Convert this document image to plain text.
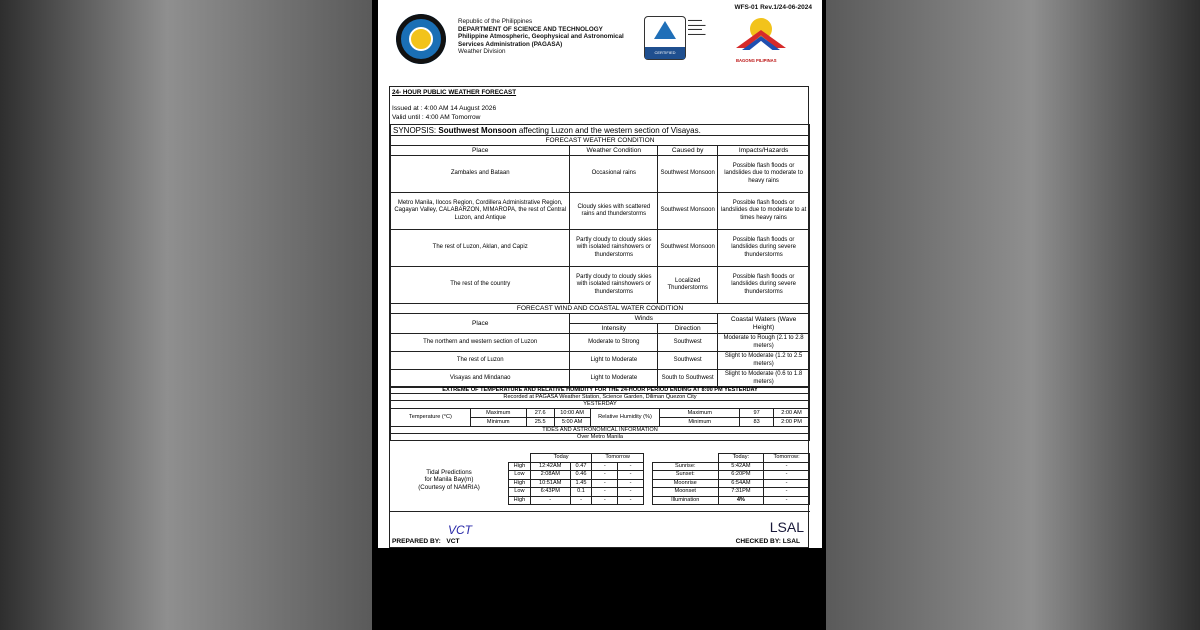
WFS-01 Rev.1/24-06-2024
Republic of the Philippines
DEPARTMENT OF SCIENCE AND TECHNOLOGY
Philippine Atmospheric, Geophysical and Astronomical
Services Administration (PAGASA)
Weather Division	CERTIFIED
▬▬▬▬
▬▬▬▬▬
▬▬▬▬
▬▬▬▬▬
BAGONG PILIPINAS
24- HOUR PUBLIC WEATHER FORECAST
Issued at : 4:00 AM 14 August 2026
Valid until : 4:00 AM Tomorrow
SYNOPSIS: Southwest Monsoon affecting Luzon and the western section of Visayas.			
FORECAST WEATHER CONDITION			
Place	Weather Condition	Caused by	Impacts/Hazards
Zambales and Bataan	Occasional rains	Southwest Monsoon	Possible flash floods or landslides due to moderate to heavy rains
Metro Manila, Ilocos Region, Cordillera Administrative Region, Cagayan Valley, CALABARZON, MIMAROPA, the rest of Central Luzon, and Antique	Cloudy skies with scattered rains and thunderstorms	Southwest Monsoon	Possible flash floods or landslides due to moderate to at times heavy rains
The rest of Luzon, Aklan, and Capiz	Partly cloudy to cloudy skies with isolated rainshowers or thunderstorms	Southwest Monsoon	Possible flash floods or landslides during severe thunderstorms
The rest of the country	Partly cloudy to cloudy skies with isolated rainshowers or thunderstorms	Localized Thunderstorms	Possible flash floods or landslides during severe thunderstorms
FORECAST WIND AND COASTAL WATER CONDITION			
Place	Winds		Coastal Waters (Wave Height)
	Intensity	Direction	
The northern and western section of Luzon	Moderate to Strong	Southwest	Moderate to Rough (2.1 to 2.8 meters)
The rest of Luzon	Light to Moderate	Southwest	Slight to Moderate (1.2 to 2.5 meters)
Visayas and Mindanao	Light to Moderate	South to Southwest	Slight to Moderate (0.6 to 1.8 meters)
EXTREME OF TEMPERATURE AND RELATIVE HUMIDITY FOR THE 24-HOUR PERIOD ENDING AT 8:00 PM YESTERDAY							
Recorded at PAGASA Weather Station, Science Garden, Diliman Quezon City							
YESTERDAY							
Temperature (°C)	Maximum	27.6	10:00 AM	Relative Humidity (%)	Maximum	97	2:00 AM
	Minimum	25.5	5:00 AM		Minimum	83	2:00 PM
TIDES AND ASTRONOMICAL INFORMATION							
Over Metro Manila							
Tidal Predictions
for Manila Bay(m)
(Courtesy of NAMRIA)
	Today		Tomorrow	
High	12:42AM	0.47	-	-
Low	2:08AM	0.46	-	-
High	10:51AM	1.45	-	-
Low	6:43PM	0.1	-	-
High	-	-	-	-
	Today:	Tomorrow:
Sunrise:	5:42AM	-
Sunset:	6:20PM	-
Moonrise	6:54AM	-
Moonset	7:31PM	-
Illumination	4%	-
VCT	LSAL
PREPARED BY: VCT	CHECKED BY: LSAL
